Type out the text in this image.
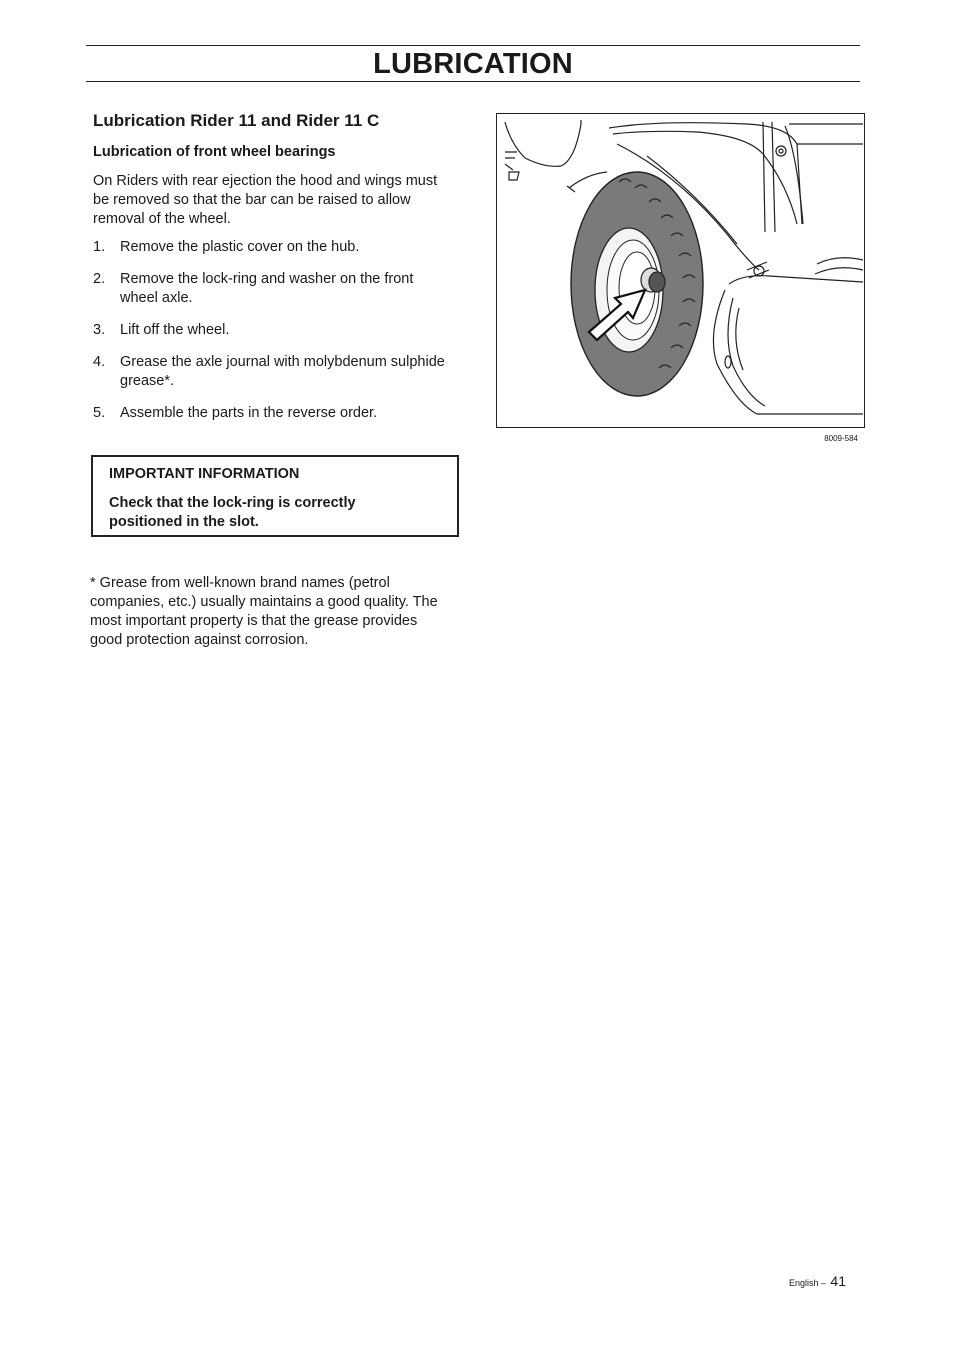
LUBRICATION
Lubrication Rider 11 and Rider 11 C
Lubrication of front wheel bearings

On Riders with rear ejection the hood and wings must be removed so that the bar can be raised to allow removal of the wheel.

1.	Remove the plastic cover on the hub.
2.	Remove the lock-ring and washer on the front wheel axle.
3.	Lift off the wheel.
4.	Grease the axle journal with molybdenum sulphide grease*.
5.	Assemble the parts in the reverse order.

IMPORTANT INFORMATION

Check that the lock-ring is correctly positioned in the slot.

* Grease from well-known brand names (petrol companies, etc.) usually maintains a good quality. The most important property is that the grease provides good protection against corrosion.

8009-584
English – 41
